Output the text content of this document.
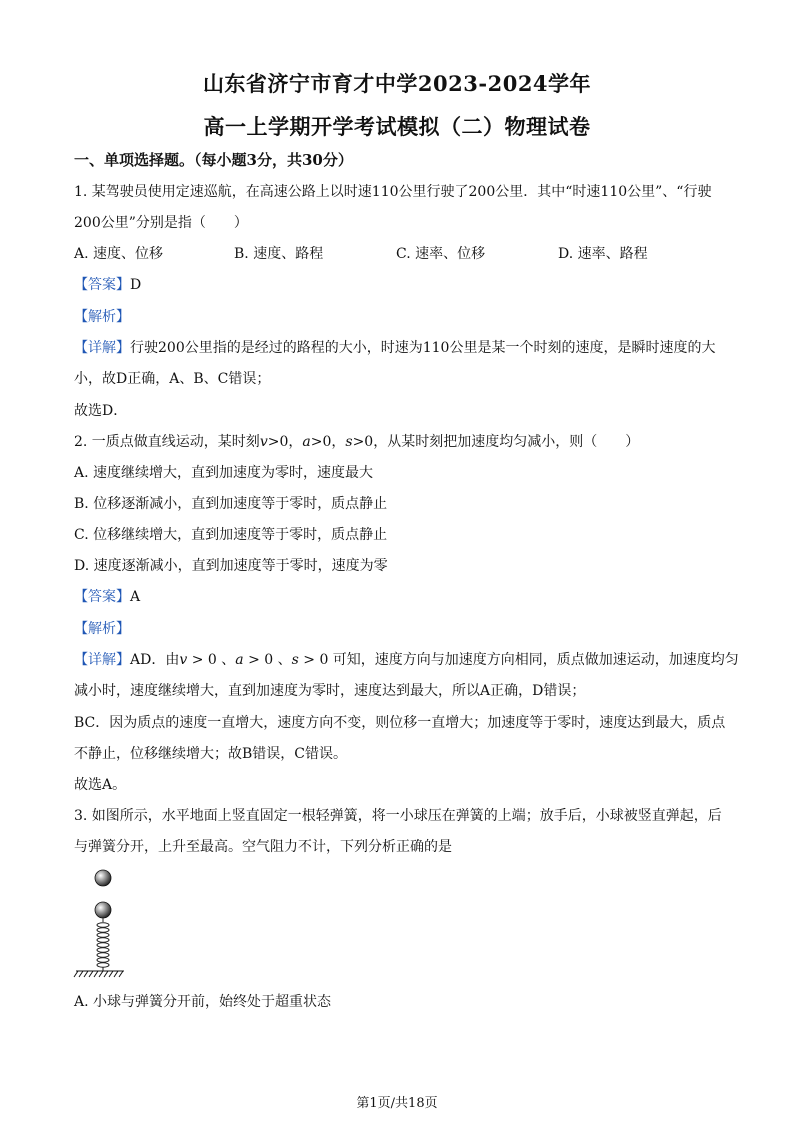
山东省济宁市育才中学2023-2024学年
高一上学期开学考试模拟（二）物理试卷
一、单项选择题。（每小题3分，共30分）
1. 某驾驶员使用定速巡航，在高速公路上以时速110公里行驶了200公里．其中“时速110公里”、“行驶
200公里”分别是指（　　）
A. 速度、位移	B. 速度、路程	C. 速率、位移	D. 速率、路程
【答案】D
【解析】
【详解】行驶200公里指的是经过的路程的大小，时速为110公里是某一个时刻的速度，是瞬时速度的大
小，故D正确，A、B、C错误；
故选D．
2. 一质点做直线运动，某时刻v>0，a>0，s>0，从某时刻把加速度均匀减小，则（　　）
A. 速度继续增大，直到加速度为零时，速度最大
B. 位移逐渐减小，直到加速度等于零时，质点静止
C. 位移继续增大，直到加速度等于零时，质点静止
D. 速度逐渐减小，直到加速度等于零时，速度为零
【答案】A
【解析】
【详解】AD．由v > 0 、a > 0 、s > 0 可知，速度方向与加速度方向相同，质点做加速运动，加速度均匀
减小时，速度继续增大，直到加速度为零时，速度达到最大，所以A正确，D错误；
BC．因为质点的速度一直增大，速度方向不变，则位移一直增大；加速度等于零时，速度达到最大，质点
不静止，位移继续增大；故B错误，C错误。
故选A。
3. 如图所示，水平地面上竖直固定一根轻弹簧，将一小球压在弹簧的上端；放手后，小球被竖直弹起，后
与弹簧分开，上升至最高。空气阻力不计，下列分析正确的是
A. 小球与弹簧分开前，始终处于超重状态
第1页/共18页
